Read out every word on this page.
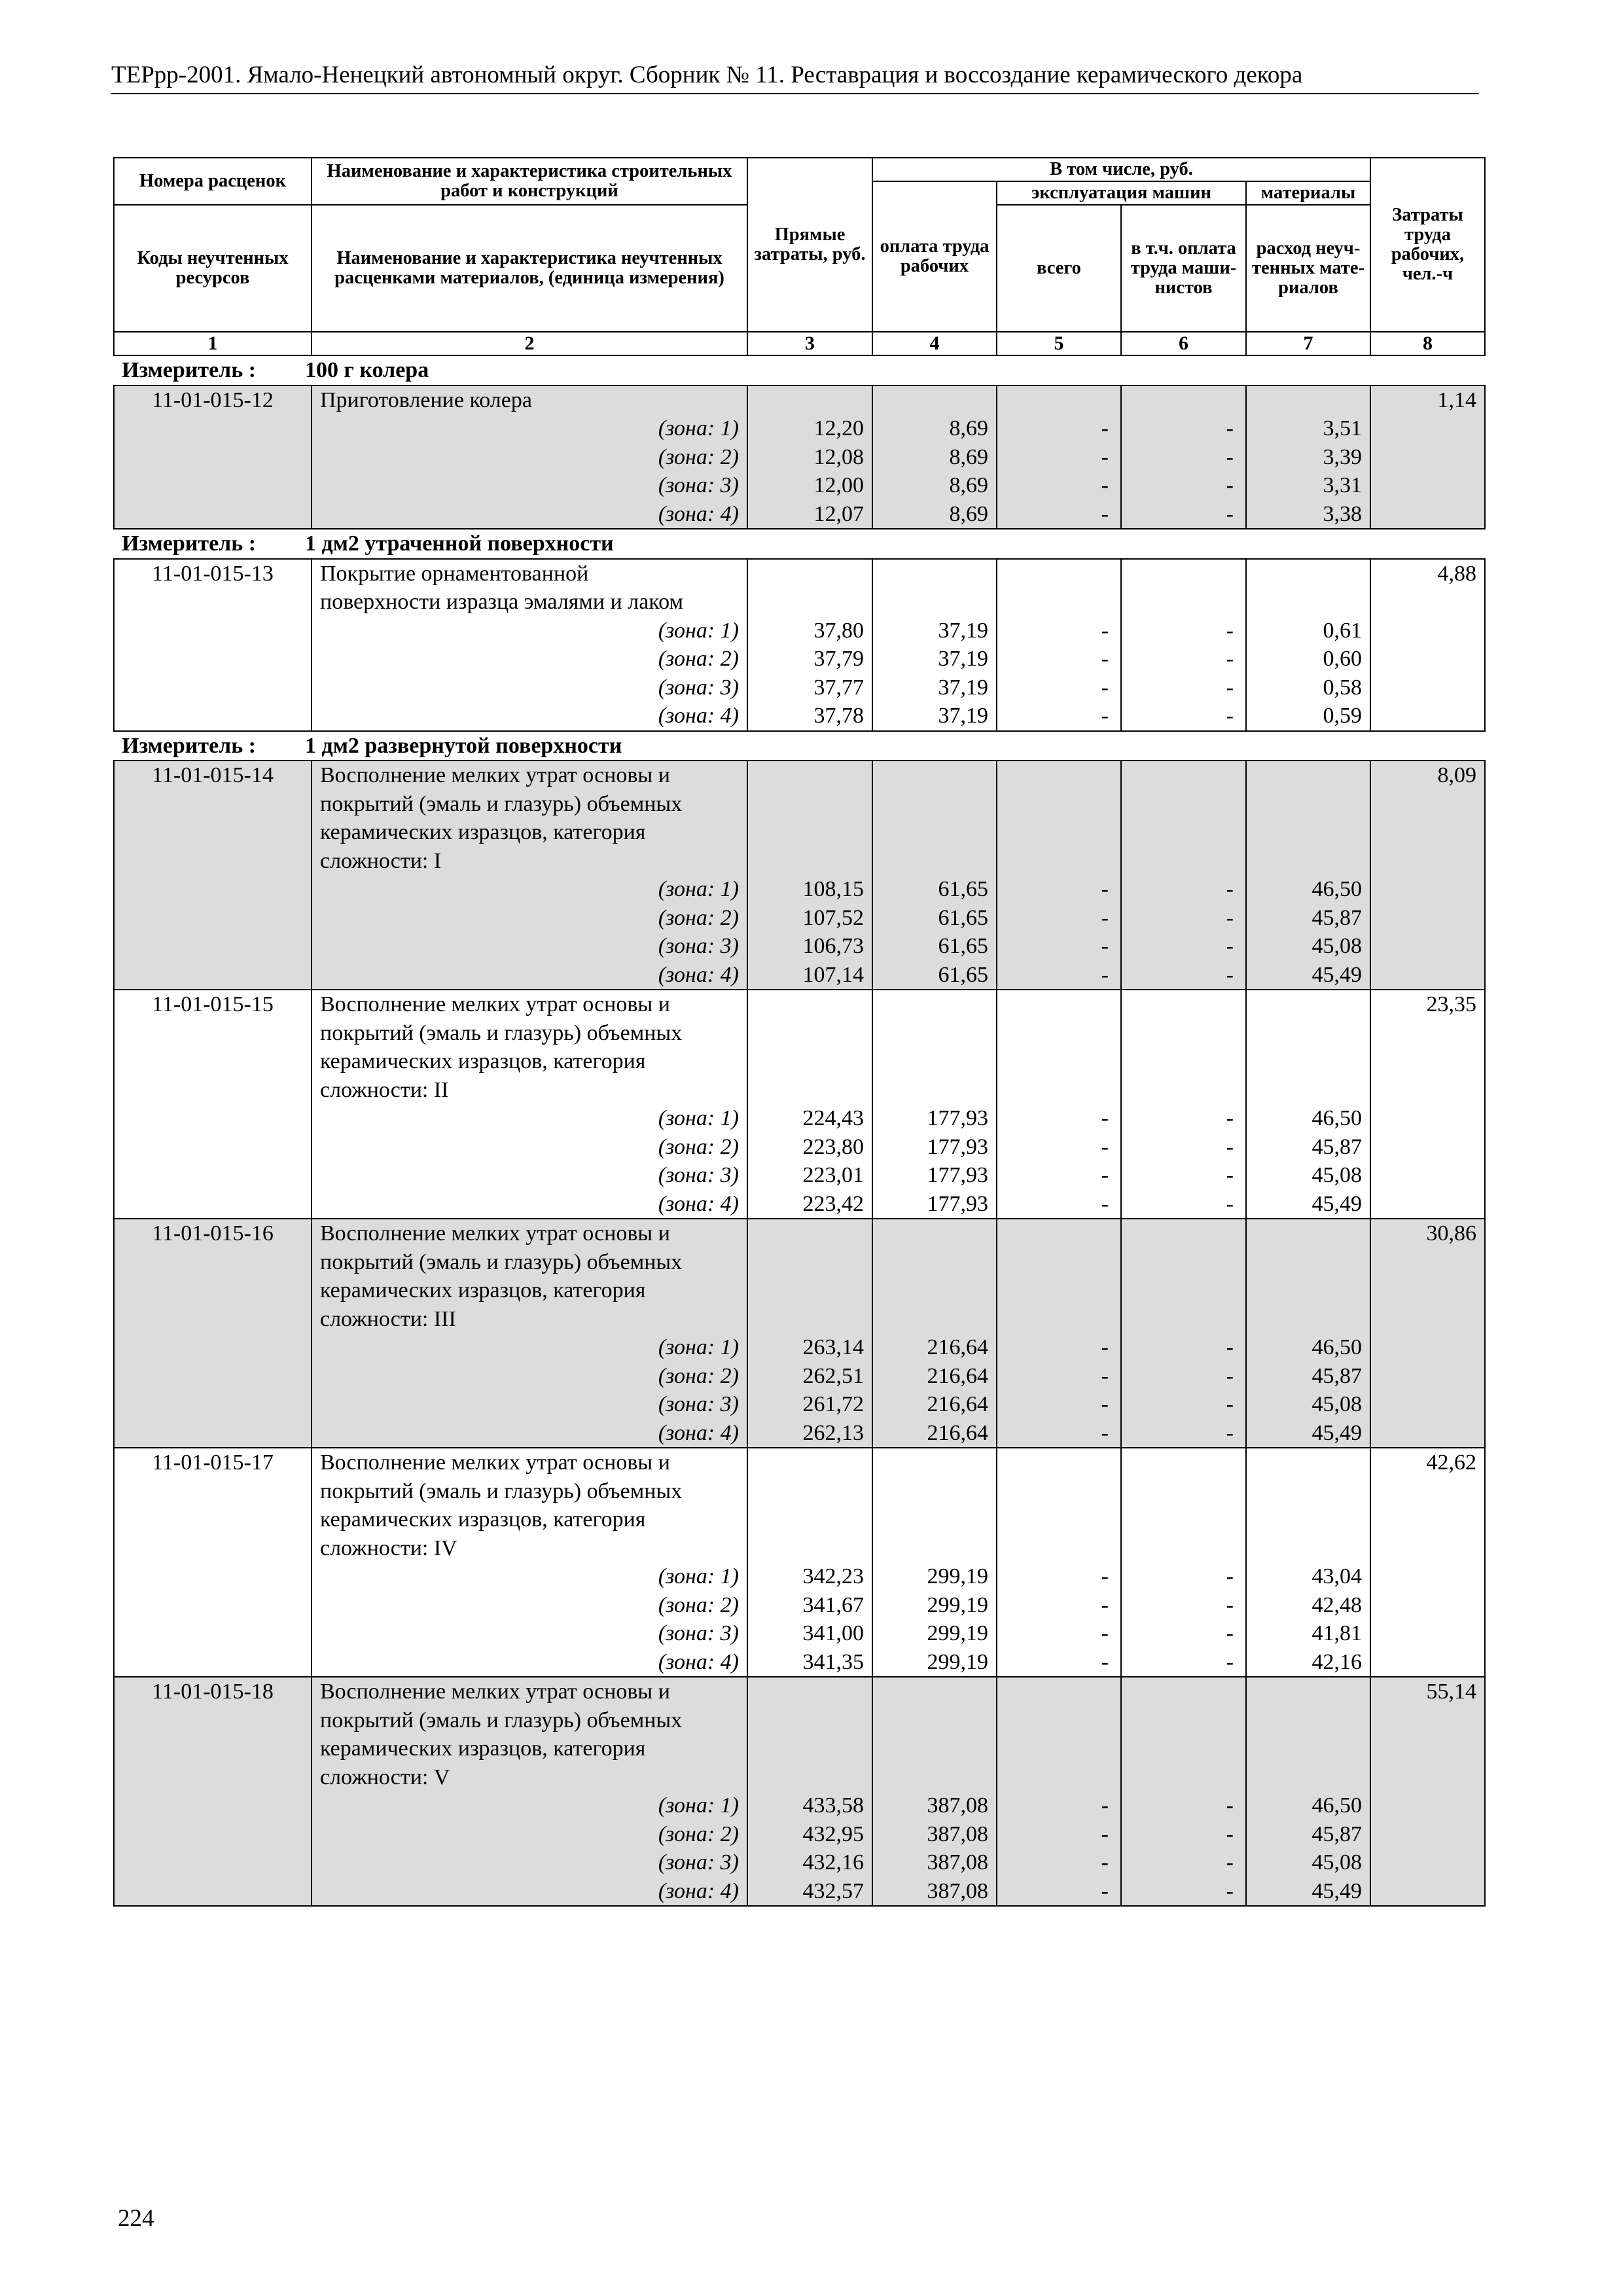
ТЕРрр-2001. Ямало-Ненецкий автономный округ. Сборник № 11. Реставрация и воссоздание керамического декора
Номера расценок	Наименование и характеристика строительных работ и конструкций	Прямые затраты, руб.	В том числе, руб.				Затраты труда рабочих, чел.-ч
			оплата труда рабочих	эксплуатация машин		материалы	
Коды неучтенных ресурсов	Наименование и характеристика неучтенных расценками материалов, (единица измерения)			всего	в т.ч. оплата труда маши- нистов	расход неуч- тенных мате- риалов	
1	2	3	4	5	6	7	8
Измеритель : 100 г колера							
11-01-015-12	Приготовление колера						1,14
	(зона: 1)	12,20	8,69	-	-	3,51	
	(зона: 2)	12,08	8,69	-	-	3,39	
	(зона: 3)	12,00	8,69	-	-	3,31	
	(зона: 4)	12,07	8,69	-	-	3,38	
Измеритель : 1 дм2 утраченной поверхности							
11-01-015-13	Покрытие орнаментованной						4,88
	поверхности изразца эмалями и лаком						
	(зона: 1)	37,80	37,19	-	-	0,61	
	(зона: 2)	37,79	37,19	-	-	0,60	
	(зона: 3)	37,77	37,19	-	-	0,58	
	(зона: 4)	37,78	37,19	-	-	0,59	
Измеритель : 1 дм2 развернутой поверхности							
11-01-015-14	Восполнение мелких утрат основы и						8,09
	покрытий (эмаль и глазурь) объемных						
	керамических изразцов, категория						
	сложности: I						
	(зона: 1)	108,15	61,65	-	-	46,50	
	(зона: 2)	107,52	61,65	-	-	45,87	
	(зона: 3)	106,73	61,65	-	-	45,08	
	(зона: 4)	107,14	61,65	-	-	45,49	
11-01-015-15	Восполнение мелких утрат основы и						23,35
	покрытий (эмаль и глазурь) объемных						
	керамических изразцов, категория						
	сложности: II						
	(зона: 1)	224,43	177,93	-	-	46,50	
	(зона: 2)	223,80	177,93	-	-	45,87	
	(зона: 3)	223,01	177,93	-	-	45,08	
	(зона: 4)	223,42	177,93	-	-	45,49	
11-01-015-16	Восполнение мелких утрат основы и						30,86
	покрытий (эмаль и глазурь) объемных						
	керамических изразцов, категория						
	сложности: III						
	(зона: 1)	263,14	216,64	-	-	46,50	
	(зона: 2)	262,51	216,64	-	-	45,87	
	(зона: 3)	261,72	216,64	-	-	45,08	
	(зона: 4)	262,13	216,64	-	-	45,49	
11-01-015-17	Восполнение мелких утрат основы и						42,62
	покрытий (эмаль и глазурь) объемных						
	керамических изразцов, категория						
	сложности: IV						
	(зона: 1)	342,23	299,19	-	-	43,04	
	(зона: 2)	341,67	299,19	-	-	42,48	
	(зона: 3)	341,00	299,19	-	-	41,81	
	(зона: 4)	341,35	299,19	-	-	42,16	
11-01-015-18	Восполнение мелких утрат основы и						55,14
	покрытий (эмаль и глазурь) объемных						
	керамических изразцов, категория						
	сложности: V						
	(зона: 1)	433,58	387,08	-	-	46,50	
	(зона: 2)	432,95	387,08	-	-	45,87	
	(зона: 3)	432,16	387,08	-	-	45,08	
	(зона: 4)	432,57	387,08	-	-	45,49	
224
